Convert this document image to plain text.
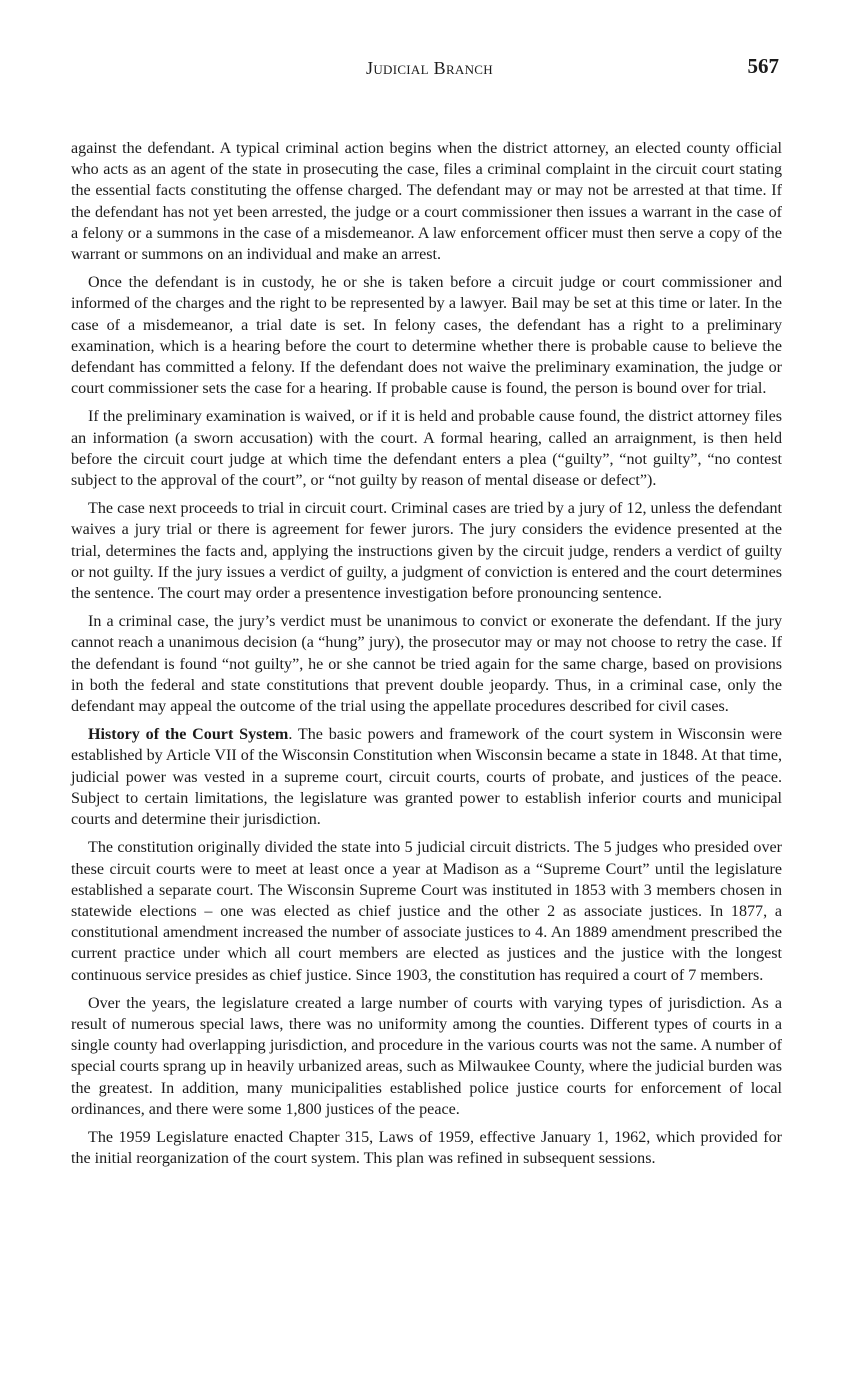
Judicial Branch	567

against the defendant. A typical criminal action begins when the district attorney, an elected county official who acts as an agent of the state in prosecuting the case, files a criminal complaint in the circuit court stating the essential facts constituting the offense charged. The defendant may or may not be arrested at that time. If the defendant has not yet been arrested, the judge or a court commissioner then issues a warrant in the case of a felony or a summons in the case of a misdemeanor. A law enforcement officer must then serve a copy of the warrant or summons on an individual and make an arrest.

Once the defendant is in custody, he or she is taken before a circuit judge or court commissioner and informed of the charges and the right to be represented by a lawyer. Bail may be set at this time or later. In the case of a misdemeanor, a trial date is set. In felony cases, the defendant has a right to a preliminary examination, which is a hearing before the court to determine whether there is probable cause to believe the defendant has committed a felony. If the defendant does not waive the preliminary examination, the judge or court commissioner sets the case for a hearing. If probable cause is found, the person is bound over for trial.

If the preliminary examination is waived, or if it is held and probable cause found, the district attorney files an information (a sworn accusation) with the court. A formal hearing, called an arraignment, is then held before the circuit court judge at which time the defendant enters a plea (“guilty”, “not guilty”, “no contest subject to the approval of the court”, or “not guilty by reason of mental disease or defect”).

The case next proceeds to trial in circuit court. Criminal cases are tried by a jury of 12, unless the defendant waives a jury trial or there is agreement for fewer jurors. The jury considers the evidence presented at the trial, determines the facts and, applying the instructions given by the circuit judge, renders a verdict of guilty or not guilty. If the jury issues a verdict of guilty, a judgment of conviction is entered and the court determines the sentence. The court may order a presentence investigation before pronouncing sentence.

In a criminal case, the jury’s verdict must be unanimous to convict or exonerate the defendant. If the jury cannot reach a unanimous decision (a “hung” jury), the prosecutor may or may not choose to retry the case. If the defendant is found “not guilty”, he or she cannot be tried again for the same charge, based on provisions in both the federal and state constitutions that prevent double jeopardy. Thus, in a criminal case, only the defendant may appeal the outcome of the trial using the appellate procedures described for civil cases.

History of the Court System. The basic powers and framework of the court system in Wisconsin were established by Article VII of the Wisconsin Constitution when Wisconsin became a state in 1848. At that time, judicial power was vested in a supreme court, circuit courts, courts of probate, and justices of the peace. Subject to certain limitations, the legislature was granted power to establish inferior courts and municipal courts and determine their jurisdiction.

The constitution originally divided the state into 5 judicial circuit districts. The 5 judges who presided over these circuit courts were to meet at least once a year at Madison as a “Supreme Court” until the legislature established a separate court. The Wisconsin Supreme Court was instituted in 1853 with 3 members chosen in statewide elections – one was elected as chief justice and the other 2 as associate justices. In 1877, a constitutional amendment increased the number of associate justices to 4. An 1889 amendment prescribed the current practice under which all court members are elected as justices and the justice with the longest continuous service presides as chief justice. Since 1903, the constitution has required a court of 7 members.

Over the years, the legislature created a large number of courts with varying types of jurisdiction. As a result of numerous special laws, there was no uniformity among the counties. Different types of courts in a single county had overlapping jurisdiction, and procedure in the various courts was not the same. A number of special courts sprang up in heavily urbanized areas, such as Milwaukee County, where the judicial burden was the greatest. In addition, many municipalities established police justice courts for enforcement of local ordinances, and there were some 1,800 justices of the peace.

The 1959 Legislature enacted Chapter 315, Laws of 1959, effective January 1, 1962, which provided for the initial reorganization of the court system. This plan was refined in subsequent sessions.
